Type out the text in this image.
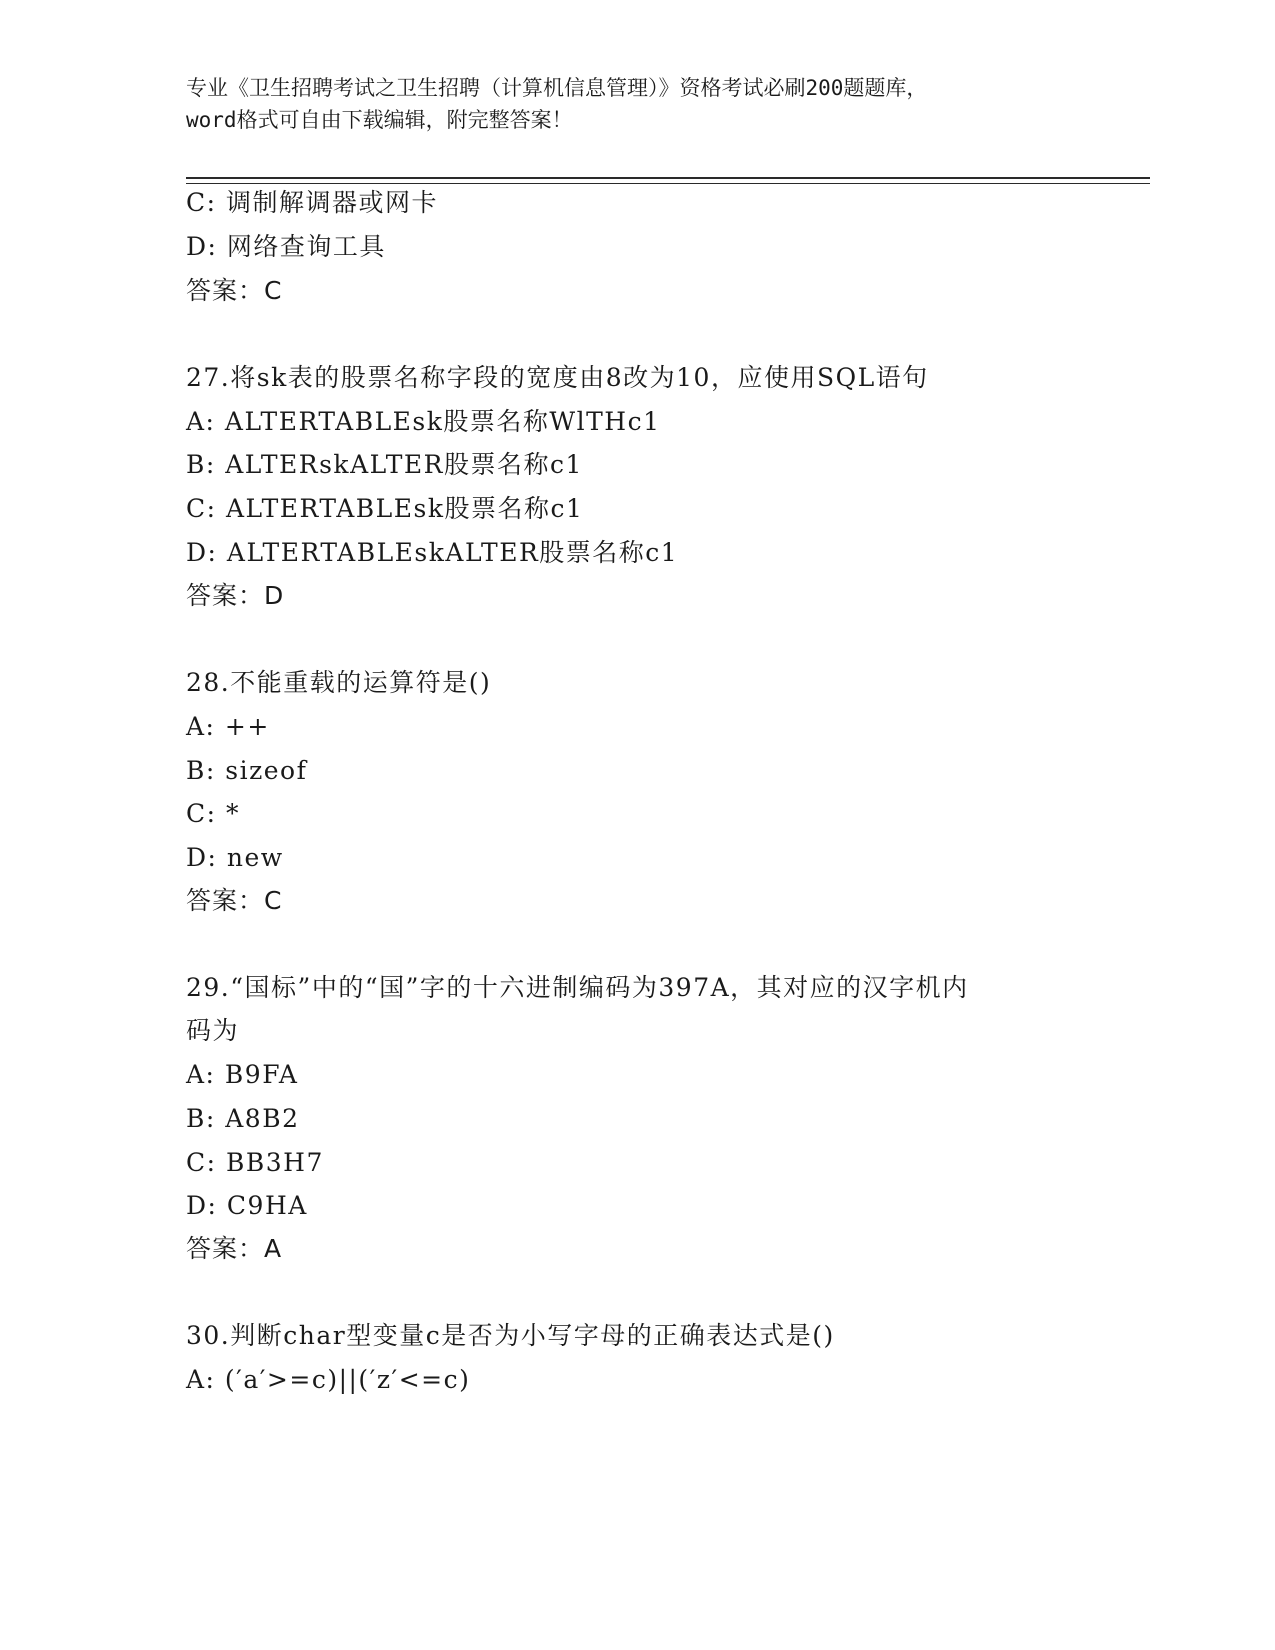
专业《卫生招聘考试之卫生招聘（计算机信息管理）》资格考试必刷200题题库，
word格式可自由下载编辑，附完整答案！
C: 调制解调器或网卡
D: 网络查询工具
答案：C
27.将sk表的股票名称字段的宽度由8改为10，应使用SQL语句
A: ALTERTABLEsk股票名称WlTHc1
B: ALTERskALTER股票名称c1
C: ALTERTABLEsk股票名称c1
D: ALTERTABLEskALTER股票名称c1
答案：D
28.不能重载的运算符是()
A: ++
B: sizeof
C: *
D: new
答案：C
29.“国标”中的“国”字的十六进制编码为397A，其对应的汉字机内
码为
A: B9FA
B: A8B2
C: BB3H7
D: C9HA
答案：A
30.判断char型变量c是否为小写字母的正确表达式是()
A: (′a′>=c)||(′z′<=c)
